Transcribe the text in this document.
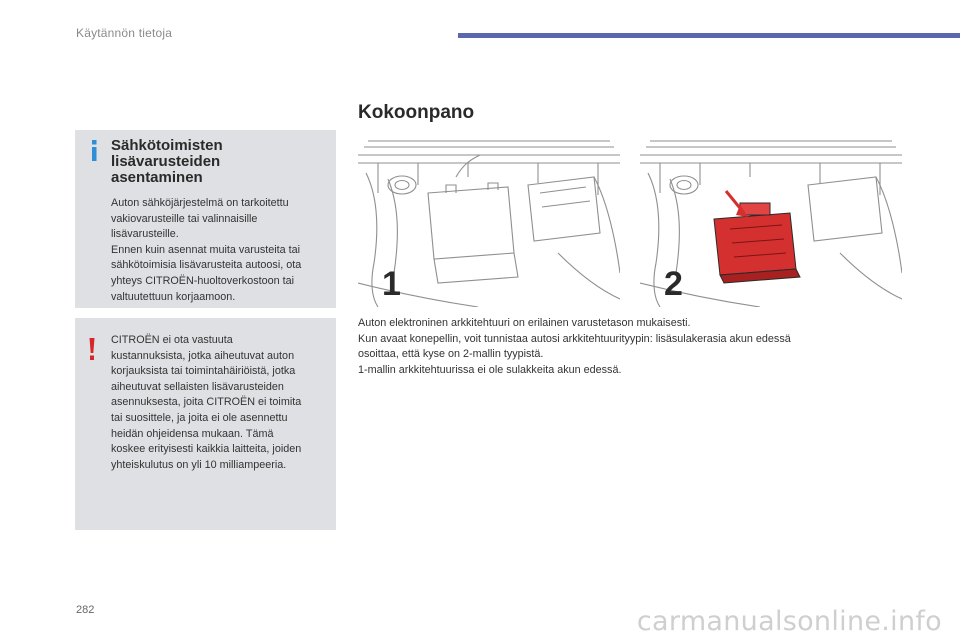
Käytännön tietoja
Sähkötoimisten
lisävarusteiden
asentaminen
Auton sähköjärjestelmä on tarkoitettu
vakiovarusteille tai valinnaisille
lisävarusteille.
Ennen kuin asennat muita varusteita tai
sähkötoimisia lisävarusteita autoosi, ota
yhteys CITROËN-huoltoverkostoon tai
valtuutettuun korjaamoon.
CITROËN ei ota vastuuta
kustannuksista, jotka aiheutuvat auton
korjauksista tai toimintahäiriöistä, jotka
aiheutuvat sellaisten lisävarusteiden
asennuksesta, joita CITROËN ei toimita
tai suosittele, ja joita ei ole asennettu
heidän ohjeidensa mukaan. Tämä
koskee erityisesti kaikkia laitteita, joiden
yhteiskulutus on yli 10 milliampeeria.
Kokoonpano
1	2
Auton elektroninen arkkitehtuuri on erilainen varustetason mukaisesti.
Kun avaat konepellin, voit tunnistaa autosi arkkitehtuurityypin: lisäsulakerasia akun edessä
osoittaa, että kyse on 2-mallin tyypistä.
1-mallin arkkitehtuurissa ei ole sulakkeita akun edessä.
282	carmanualsonline.info
